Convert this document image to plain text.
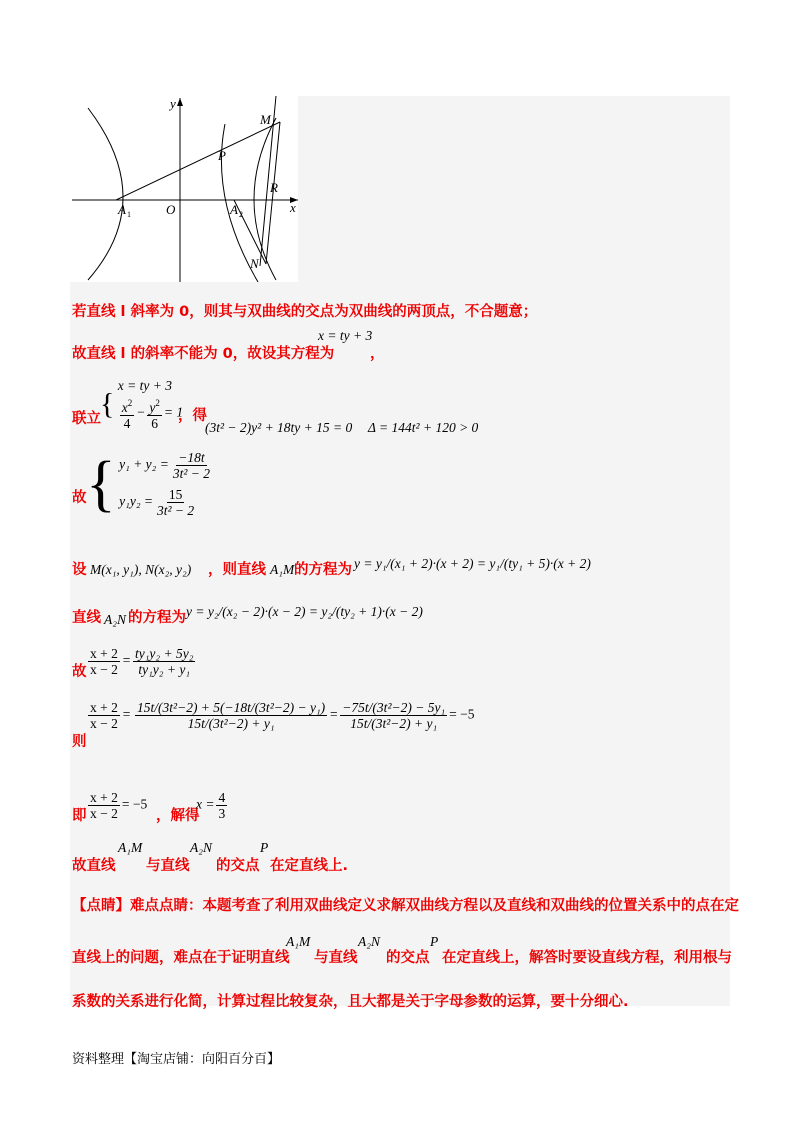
y
x
M
P
R
A 1	O	A 2
N
若直线 l 斜率为 0，则其与双曲线的交点为双曲线的两顶点，不合题意；
故直线 l 的斜率不能为 0，故设其方程为
x = ty + 3
，
联立 {
x = ty + 3
$\frac{x^2}{4} - \frac{y^2}{6} = 1$
，得
(3t² − 2)y² + 18ty + 15 = 0 Δ = 144t² + 120 > 0
故 { $y_1 + y_2 = \frac{-18t}{\text{3t² − 2}}$
$y_1y_2 = \frac{15}{\text{3t² − 2}}$
设 M(x₁, y₁), N(x₂, y₂) ，则直线 A₁M 的方程为 y = y₁/(x₁ + 2)·(x + 2) = y₁/(ty₁ + 5)·(x + 2)
直线 A₂N 的方程为 y = y₂/(x₂ − 2)·(x − 2) = y₂/(ty₂ + 1)·(x − 2)
故 $\frac{x + 2}{x - 2} = \frac{\text{ty₁y₂ + 5y₂}}{\text{ty₁y₂ + y₁}}$
则
$\frac{x + 2}{x - 2} = \frac{\text{15t/(3t²−2) + 5(−18t/(3t²−2) − y₁)}}{\text{15t/(3t²−2) + y₁}} = \frac{\text{−75t/(3t²−2) − 5y₁}}{\text{15t/(3t²−2) + y₁}} = -5$
即 $\frac{x + 2}{x - 2} = -5$
，解得
$x = \frac{4}{3}$
故直线
A₁M
与直线
A₂N
的交点
P
在定直线上.
【点睛】难点点睛：本题考查了利用双曲线定义求解双曲线方程以及直线和双曲线的位置关系中的点在定
直线上的问题，难点在于证明直线
A₁M
与直线
A₂N
的交点
P
在定直线上，解答时要设直线方程，利用根与
系数的关系进行化简，计算过程比较复杂，且大都是关于字母参数的运算，要十分细心.
资料整理【淘宝店铺：向阳百分百】
